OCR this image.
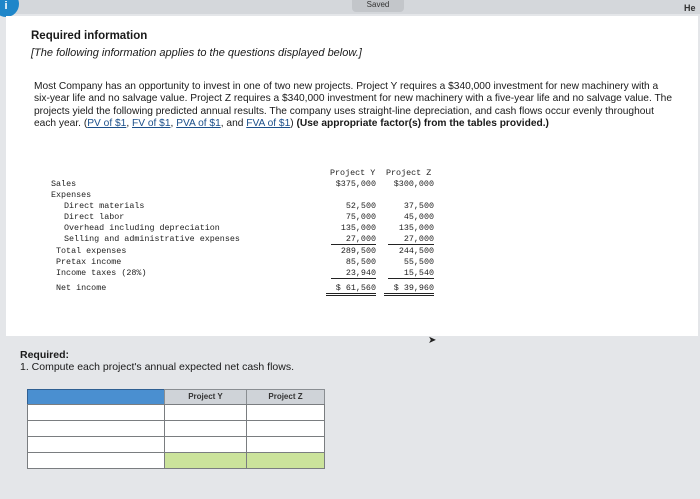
i	Saved	He
Required information
[The following information applies to the questions displayed below.]
Most Company has an opportunity to invest in one of two new projects. Project Y requires a $340,000 investment for new machinery with a six-year life and no salvage value. Project Z requires a $340,000 investment for new machinery with a five-year life and no salvage value. The projects yield the following predicted annual results. The company uses straight-line depreciation, and cash flows occur evenly throughout each year. (PV of $1, FV of $1, PVA of $1, and FVA of $1) (Use appropriate factor(s) from the tables provided.)
Project Y Project Z
Sales	$375,000	$300,000
Expenses
Direct materials	52,500	37,500
Direct labor	75,000	45,000
Overhead including depreciation	135,000	135,000
Selling and administrative expenses	27,000	27,000
Total expenses	289,500	244,500
Pretax income	85,500	55,500
Income taxes (28%)	23,940	15,540
Net income	$ 61,560	$ 39,960
➤
Required:
1. Compute each project's annual expected net cash flows.
Project Y	Project Z
